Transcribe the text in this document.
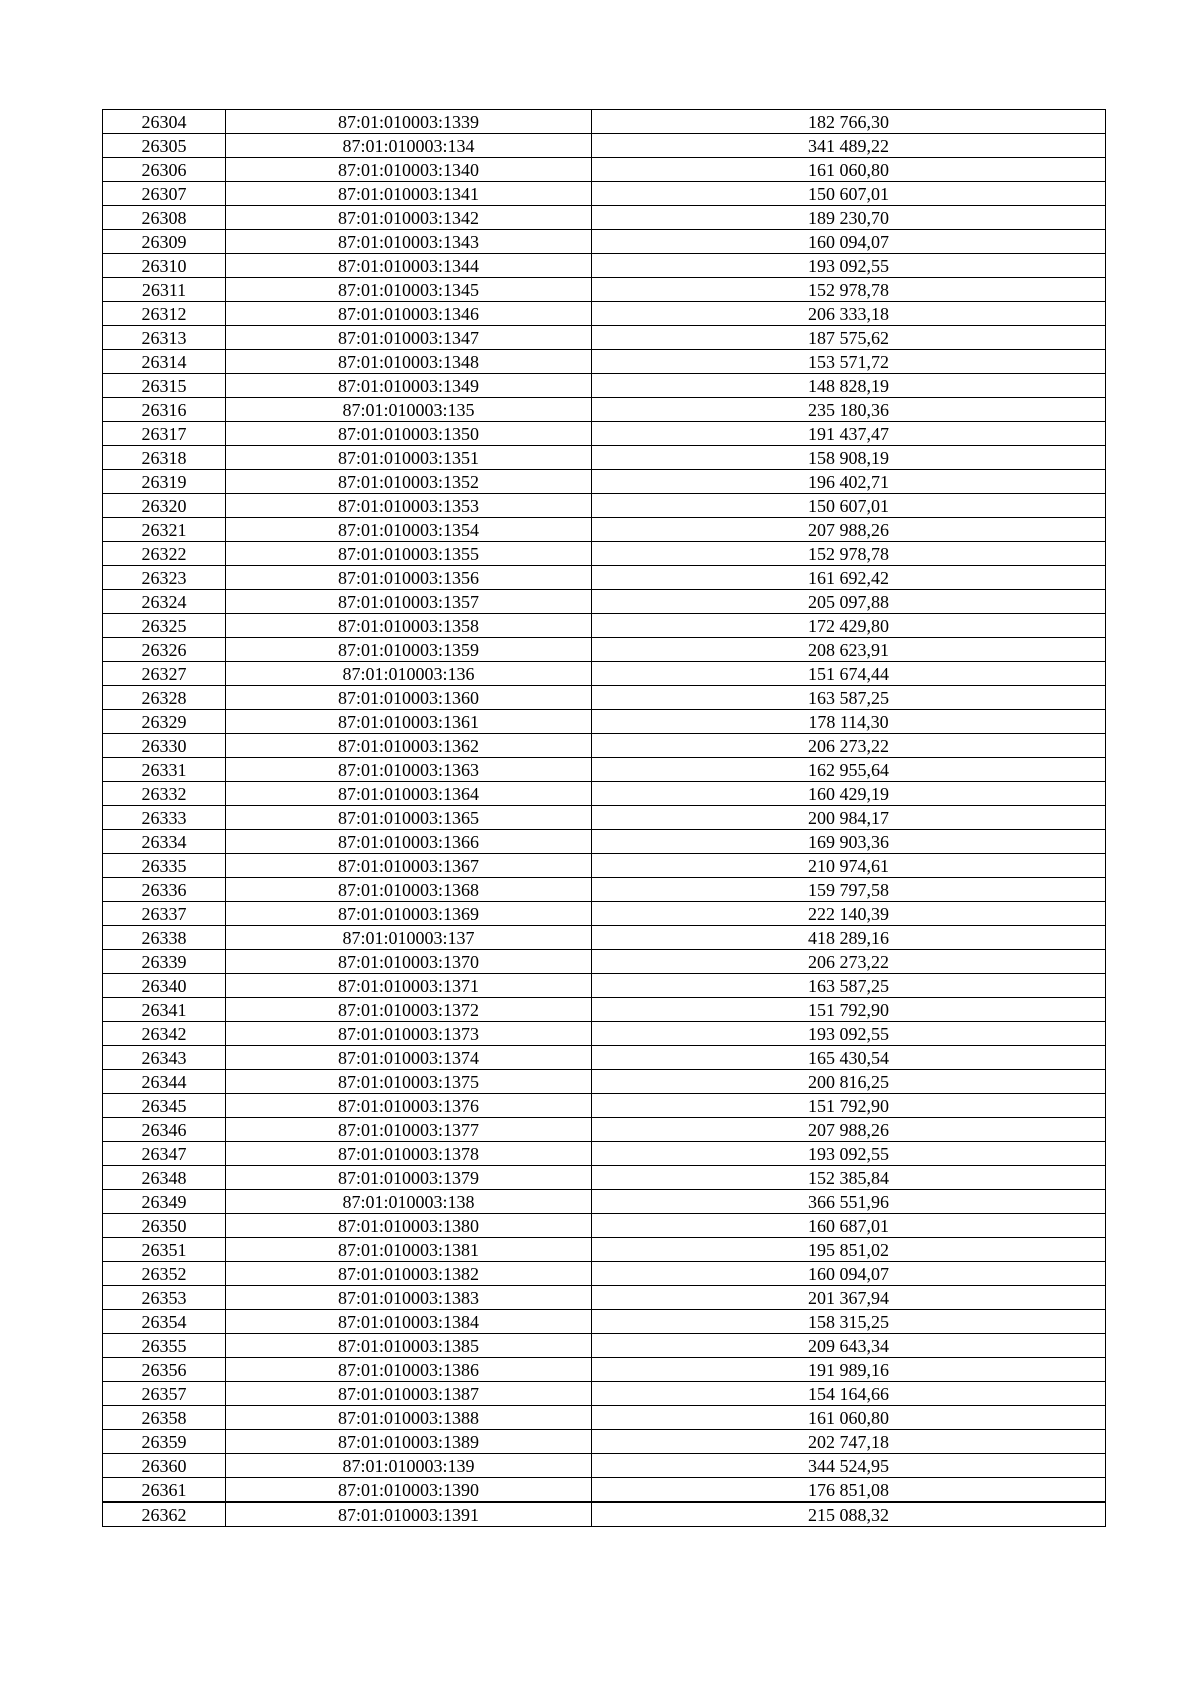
26304	87:01:010003:1339	182 766,30
26305	87:01:010003:134	341 489,22
26306	87:01:010003:1340	161 060,80
26307	87:01:010003:1341	150 607,01
26308	87:01:010003:1342	189 230,70
26309	87:01:010003:1343	160 094,07
26310	87:01:010003:1344	193 092,55
26311	87:01:010003:1345	152 978,78
26312	87:01:010003:1346	206 333,18
26313	87:01:010003:1347	187 575,62
26314	87:01:010003:1348	153 571,72
26315	87:01:010003:1349	148 828,19
26316	87:01:010003:135	235 180,36
26317	87:01:010003:1350	191 437,47
26318	87:01:010003:1351	158 908,19
26319	87:01:010003:1352	196 402,71
26320	87:01:010003:1353	150 607,01
26321	87:01:010003:1354	207 988,26
26322	87:01:010003:1355	152 978,78
26323	87:01:010003:1356	161 692,42
26324	87:01:010003:1357	205 097,88
26325	87:01:010003:1358	172 429,80
26326	87:01:010003:1359	208 623,91
26327	87:01:010003:136	151 674,44
26328	87:01:010003:1360	163 587,25
26329	87:01:010003:1361	178 114,30
26330	87:01:010003:1362	206 273,22
26331	87:01:010003:1363	162 955,64
26332	87:01:010003:1364	160 429,19
26333	87:01:010003:1365	200 984,17
26334	87:01:010003:1366	169 903,36
26335	87:01:010003:1367	210 974,61
26336	87:01:010003:1368	159 797,58
26337	87:01:010003:1369	222 140,39
26338	87:01:010003:137	418 289,16
26339	87:01:010003:1370	206 273,22
26340	87:01:010003:1371	163 587,25
26341	87:01:010003:1372	151 792,90
26342	87:01:010003:1373	193 092,55
26343	87:01:010003:1374	165 430,54
26344	87:01:010003:1375	200 816,25
26345	87:01:010003:1376	151 792,90
26346	87:01:010003:1377	207 988,26
26347	87:01:010003:1378	193 092,55
26348	87:01:010003:1379	152 385,84
26349	87:01:010003:138	366 551,96
26350	87:01:010003:1380	160 687,01
26351	87:01:010003:1381	195 851,02
26352	87:01:010003:1382	160 094,07
26353	87:01:010003:1383	201 367,94
26354	87:01:010003:1384	158 315,25
26355	87:01:010003:1385	209 643,34
26356	87:01:010003:1386	191 989,16
26357	87:01:010003:1387	154 164,66
26358	87:01:010003:1388	161 060,80
26359	87:01:010003:1389	202 747,18
26360	87:01:010003:139	344 524,95
26361	87:01:010003:1390	176 851,08
26362	87:01:010003:1391	215 088,32
